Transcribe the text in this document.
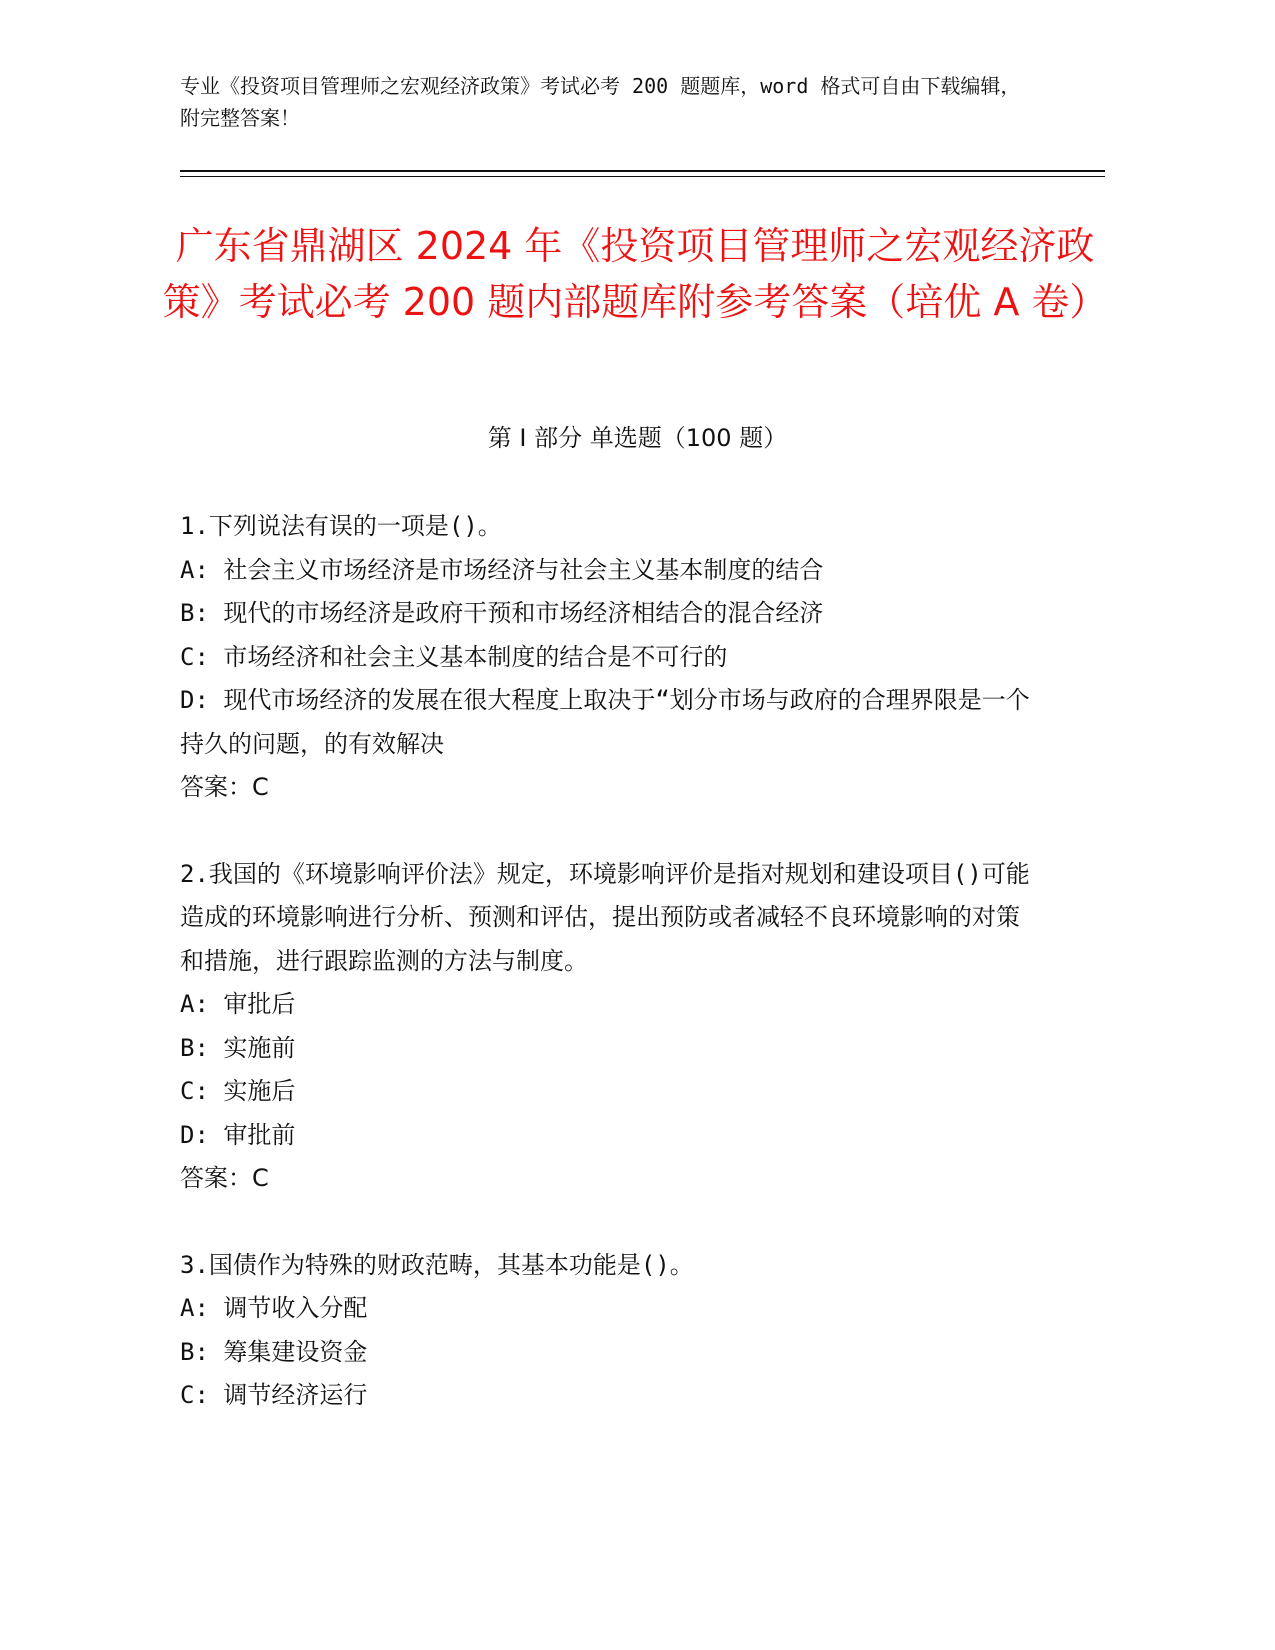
专业《投资项目管理师之宏观经济政策》考试必考 200 题题库，word 格式可自由下载编辑，附完整答案！
广东省鼎湖区 2024 年《投资项目管理师之宏观经济政策》考试必考 200 题内部题库附参考答案（培优 A 卷）
第 I 部分 单选题（100 题）
1.下列说法有误的一项是()。
A: 社会主义市场经济是市场经济与社会主义基本制度的结合
B: 现代的市场经济是政府干预和市场经济相结合的混合经济
C: 市场经济和社会主义基本制度的结合是不可行的
D: 现代市场经济的发展在很大程度上取决于“划分市场与政府的合理界限是一个持久的问题，的有效解决
答案：C
2.我国的《环境影响评价法》规定，环境影响评价是指对规划和建设项目()可能造成的环境影响进行分析、预测和评估，提出预防或者减轻不良环境影响的对策和措施，进行跟踪监测的方法与制度。
A: 审批后
B: 实施前
C: 实施后
D: 审批前
答案：C
3.国债作为特殊的财政范畴，其基本功能是()。
A: 调节收入分配
B: 筹集建设资金
C: 调节经济运行
